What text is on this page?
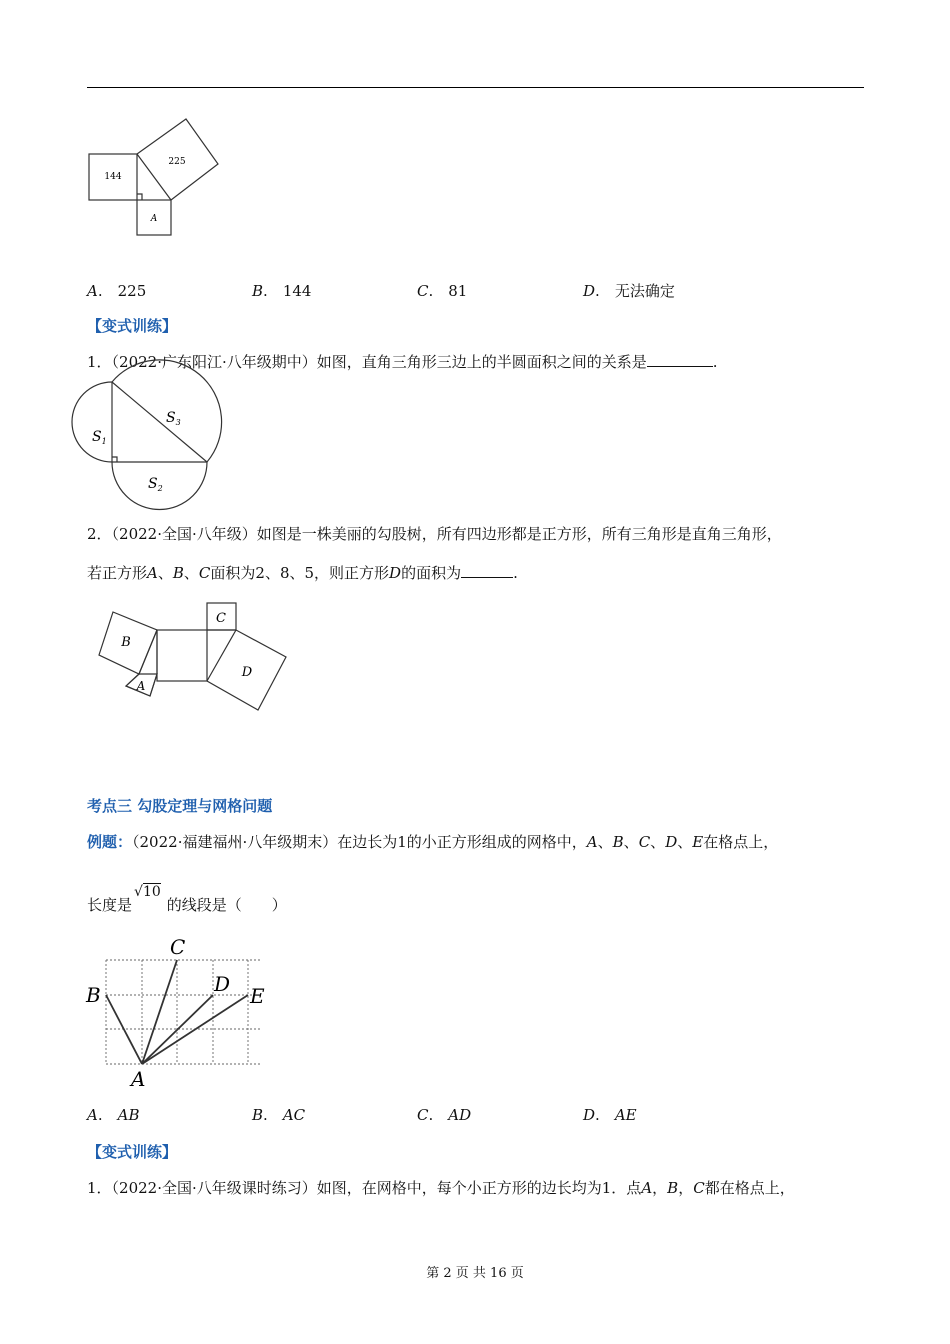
144
225
A
A.  225	B.  144	C.  81	D.  无法确定
【变式训练】
1．（2022·广东阳江·八年级期中）如图，直角三角形三边上的半圆面积之间的关系是	.
$S_1$
$S_3$
$S_2$
2．（2022·全国·八年级）如图是一株美丽的勾股树，所有四边形都是正方形，所有三角形是直角三角形，
若正方形A、B、C面积为2、8、5，则正方形D的面积为	.
B
A
C
D
考点三 勾股定理与网格问题
例题：（2022·福建福州·八年级期末）在边长为1的小正方形组成的网格中，A、B、C、D、E在格点上，
长度是√10的线段是（　　）
B
C
D E
A
A.  AB	B.  AC	C.  AD	D.  AE
【变式训练】
1．（2022·全国·八年级课时练习）如图，在网格中，每个小正方形的边长均为1．点A，B，C都在格点上，
第 2 页 共 16 页
